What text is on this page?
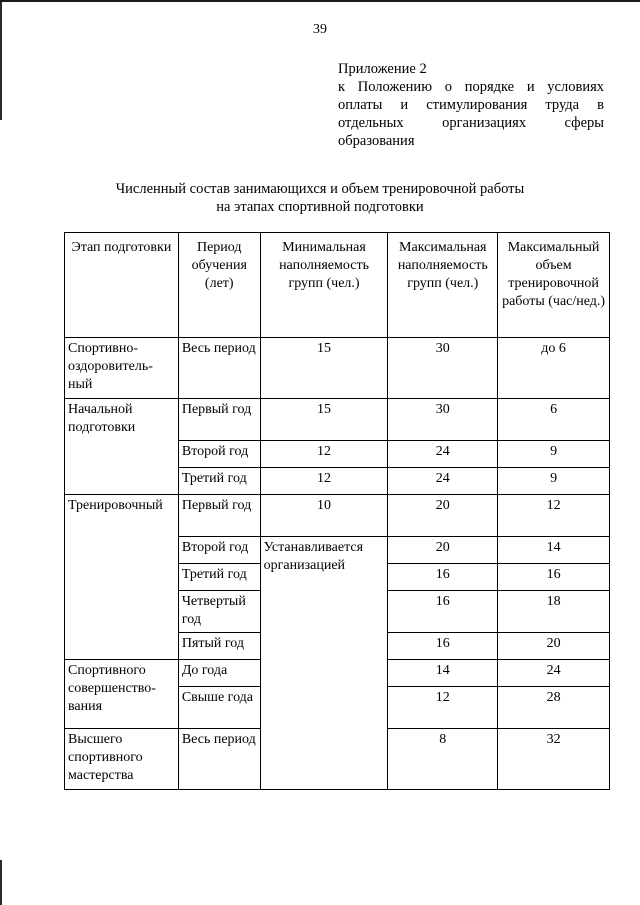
39
Приложение 2
к Положению о порядке и условиях
оплаты и стимулирования труда в
отдельных организациях сферы
образования
Численный состав занимающихся и объем тренировочной работы
на этапах спортивной подготовки
Этап подготовки	Период обучения (лет)	Минимальная наполняемость групп (чел.)	Максимальная наполняемость групп (чел.)	Максимальный объем тренировочной работы (час/нед.)
Спортивно-оздоровитель-ный	Весь период	15	30	до 6
Начальной подготовки	Первый год	15	30	6
	Второй год	12	24	9
	Третий год	12	24	9
Тренировочный	Первый год	10	20	12
	Второй год	Устанавливается организацией	20	14
	Третий год		16	16
	Четвертый год		16	18
	Пятый год		16	20
Спортивного совершенство-вания	До года		14	24
	Свыше года		12	28
Высшего спортивного мастерства	Весь период		8	32
